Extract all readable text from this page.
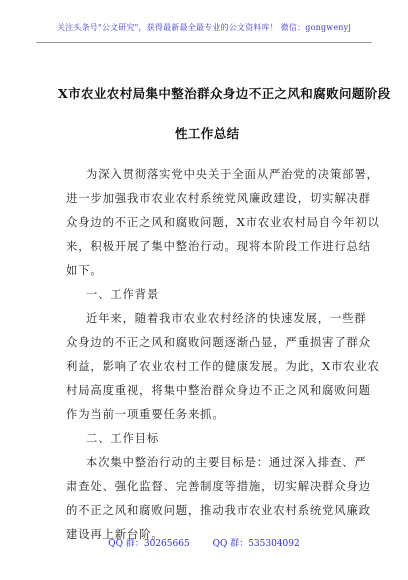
关注头条号"公文研究"，获得最新最全最专业的公文资料库！ 微信：gongwenyj
X市农业农村局集中整治群众身边不正之风和腐败问题阶段
性工作总结
为深入贯彻落实党中央关于全面从严治党的决策部署，
进一步加强我市农业农村系统党风廉政建设，切实解决群
众身边的不正之风和腐败问题，X市农业农村局自今年初以
来，积极开展了集中整治行动。现将本阶段工作进行总结
如下。
一、工作背景
近年来，随着我市农业农村经济的快速发展，一些群
众身边的不正之风和腐败问题逐渐凸显，严重损害了群众
利益，影响了农业农村工作的健康发展。为此，X市农业农
村局高度重视，将集中整治群众身边不正之风和腐败问题
作为当前一项重要任务来抓。
二、工作目标
本次集中整治行动的主要目标是：通过深入排查、严
肃查处、强化监督、完善制度等措施，切实解决群众身边
的不正之风和腐败问题，推动我市农业农村系统党风廉政
建设再上新台阶。
QQ 群：30265665	QQ 群：535304092
